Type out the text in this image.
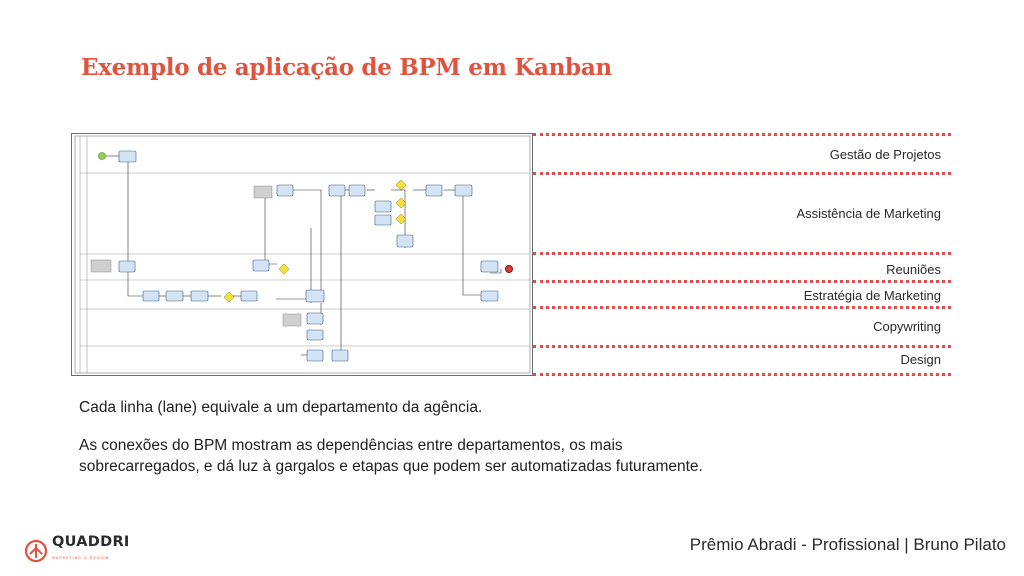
Exemplo de aplicação de BPM em Kanban
Gestão de Projetos
Assistência de Marketing
Reuniões
Estratégia de Marketing
Copywriting
Design

Cada linha (lane) equivale a um departamento da agência.

As conexões do BPM mostram as dependências entre departamentos, os mais

sobrecarregados, e dá luz à gargalos e etapas que podem ser automatizadas futuramente.

QUADDRI
MARKETING & DESIGN
Prêmio Abradi - Profissional | Bruno Pilato
